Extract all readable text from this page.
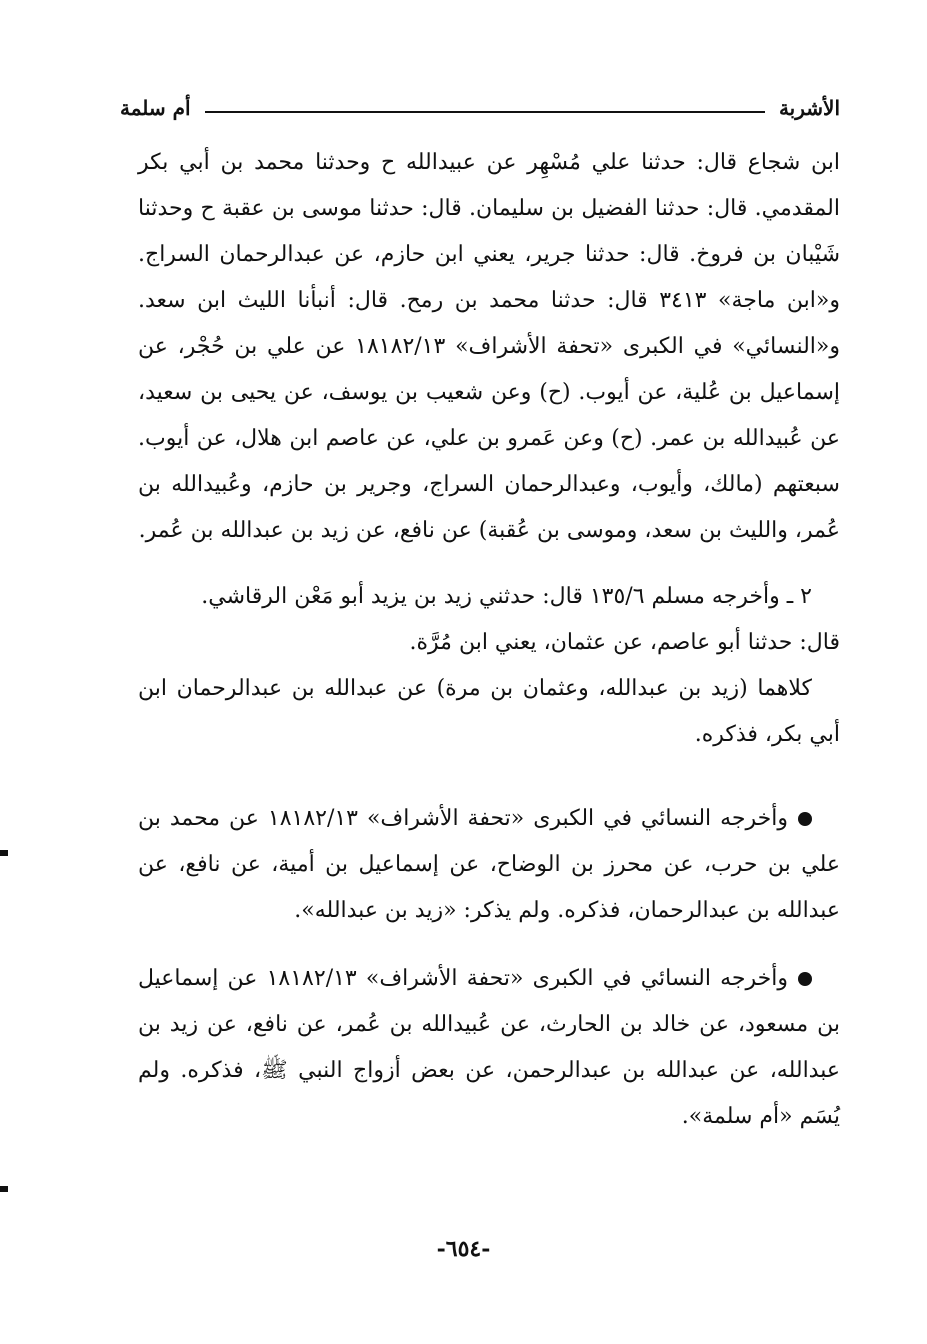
الأشربة
أم سلمة

ابن شجاع قال: حدثنا علي مُسْهِر عن عبيدالله ح وحدثنا محمد بن أبي بكر المقدمي. قال: حدثنا الفضيل بن سليمان. قال: حدثنا موسى بن عقبة ح وحدثنا شَيْبان بن فروخ. قال: حدثنا جرير، يعني ابن حازم، عن عبدالرحمان السراج. و«ابن ماجة» ٣٤١٣ قال: حدثنا محمد بن رمح. قال: أنبأنا الليث ابن سعد. و«النسائي» في الكبرى «تحفة الأشراف» ١٨١٨٢/١٣ عن علي بن حُجْر، عن إسماعيل بن عُلية، عن أيوب. (ح) وعن شعيب بن يوسف، عن يحيى بن سعيد، عن عُبيدالله بن عمر. (ح) وعن عَمرو بن علي، عن عاصم ابن هلال، عن أيوب. سبعتهم (مالك، وأيوب، وعبدالرحمان السراج، وجرير بن حازم، وعُبيدالله بن عُمر، والليث بن سعد، وموسى بن عُقبة) عن نافع، عن زيد بن عبدالله بن عُمر.

٢ ـ وأخرجه مسلم ١٣٥/٦ قال: حدثني زيد بن يزيد أبو مَعْن الرقاشي.

قال: حدثنا أبو عاصم، عن عثمان، يعني ابن مُرَّة.

كلاهما (زيد بن عبدالله، وعثمان بن مرة) عن عبدالله بن عبدالرحمان ابن أبي بكر، فذكره.

وأخرجه النسائي في الكبرى «تحفة الأشراف» ١٨١٨٢/١٣ عن محمد بن علي بن حرب، عن محرز بن الوضاح، عن إسماعيل بن أمية، عن نافع، عن عبدالله بن عبدالرحمان، فذكره. ولم يذكر: «زيد بن عبدالله».

وأخرجه النسائي في الكبرى «تحفة الأشراف» ١٨١٨٢/١٣ عن إسماعيل بن مسعود، عن خالد بن الحارث، عن عُبيدالله بن عُمر، عن نافع، عن زيد بن عبدالله، عن عبدالله بن عبدالرحمن، عن بعض أزواج النبي ﷺ، فذكره. ولم يُسَم «أم سلمة».

-٦٥٤-
